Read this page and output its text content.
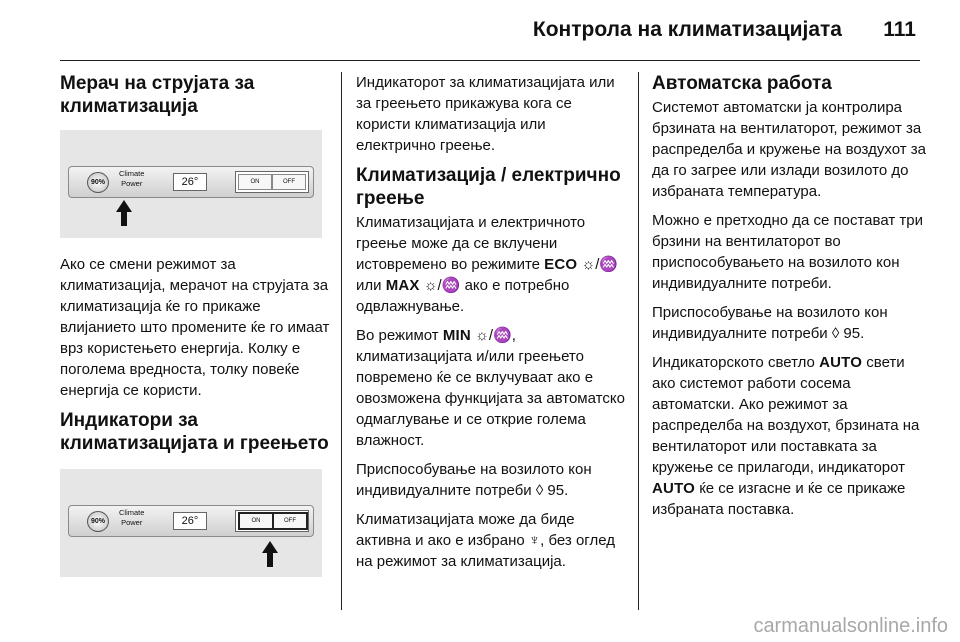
Контрола на климатизацијата 111
Мерач на струјата за климатизација
90%
Climate
Power	26°	ON	OFF

Ако се смени режимот за климатизација, мерачот на струјата за климатизација ќе го прикаже влијанието што промените ќе го имаат врз користењето енергија. Колку е поголема вредноста, толку повеќе енергија се користи.

Индикатори за климатизацијата и греењето
90%
Climate
Power	26°	ON	OFF

Индикаторот за климатизацијата или за греењето прикажува кога се користи климатизација или електрично греење.

Климатизација / електрично греење

Климатизацијата и електричното греење може да се вклучени истовремено во режимите ECO ☼/♒ или MAX ☼/♒ ако е потребно одвлажнување.

Во режимот MIN ☼/♒, климатизацијата и/или греењето повремено ќе се вклучуваат ако е овозможена функцијата за автоматско одмаглување и се открие голема влажност.

Приспособување на возилото кон индивидуалните потреби ◊ 95.

Климатизацијата може да биде активна и ако е избрано ♆, без оглед на режимот за климатизација.

Автоматска работа

Системот автоматски ја контролира брзината на вентилаторот, режимот за распределба и кружење на воздухот за да го загрее или излади возилото до избраната температура.

Можно е претходно да се постават три брзини на вентилаторот во приспособувањето на возилото кон индивидуалните потреби.

Приспособување на возилото кон индивидуалните потреби ◊ 95.

Индикаторското светло AUTO свети ако системот работи сосема автоматски. Ако режимот за распределба на воздухот, брзината на вентилаторот или поставката за кружење се прилагоди, индикаторот AUTO ќе се изгасне и ќе се прикаже избраната поставка.

carmanualsonline.info
